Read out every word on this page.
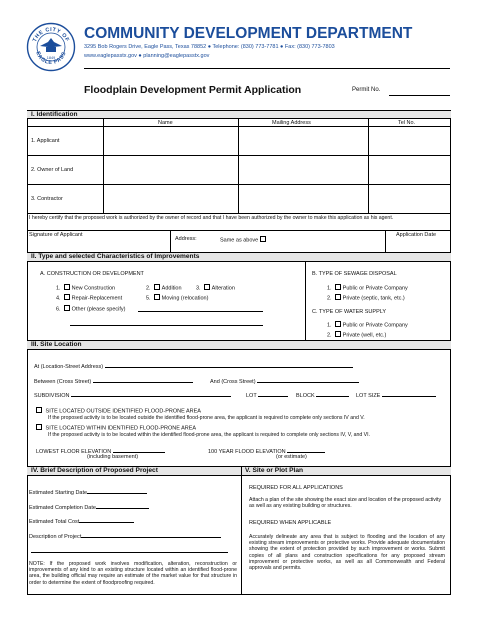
THE CITY OF
EAGLE PASS
1849
COMMUNITY DEVELOPMENT DEPARTMENT
3295 Bob Rogers Drive, Eagle Pass, Texas 78852 ● Telephone: (830) 773-7781 ● Fax: (830) 773-7803
www.eaglepasstx.gov ● planning@eaglepasstx.gov
Floodplain Development Permit Application	Permit No.
I. Identification
Name	Mailing Address	Tel No.
1. Applicant
2. Owner of Land
3. Contractor
I hereby certify that the proposed work is authorized by the owner of record and that I have been authorized by the owner to make this application as his agent.
Signature of Applicant
Address:	Same as above
Application Date
II. Type and selected Characteristics of Improvements
A. CONSTRUCTION OR DEVELOPMENT
1. New Construction	2. Addition	3. Alteration
4. Repair-Replacement	5. Moving (relocation)
6. Other (please specify)
B. TYPE OF SEWAGE DISPOSAL
1. Public or Private Company
2. Private (septic, tank, etc.)
C. TYPE OF WATER SUPPLY
1. Public or Private Company
2. Private (well, etc.)
III. Site Location
At (Location-Street Address)
Between (Cross Street)	And (Cross Street)
SUBDIVISION	LOT	BLOCK	LOT SIZE
SITE LOCATED OUTSIDE IDENTIFIED FLOOD-PRONE AREA
If the proposed activity is to be located outside the identified flood-prone area, the applicant is required to complete only sections IV and V.
SITE LOCATED WITHIN IDENTIFIED FLOOD-PRONE AREA
If the proposed activity is to be located within the identified flood-prone area, the applicant is required to complete only sections IV, V, and VI.
LOWEST FLOOR ELEVATION
(including basement)
100 YEAR FLOOD ELEVATION
(or estimate)
IV. Brief Description of Proposed Project	V. Site or Plot Plan
Estimated Starting Date
Estimated Completion Date
Estimated Total Cost
Description of Project
NOTE: If the proposed work involves modification, alteration, reconstruction or improvements of any kind to an existing structure located within an identified flood-prone area, the building official may require an estimate of the market value for that structure in order to determine the extent of floodproofing required.
REQUIRED FOR ALL APPLICATIONS
Attach a plan of the site showing the exact size and location of the proposed activity as well as any existing building or structures.
REQUIRED WHEN APPLICABLE
Accurately delineate any area that is subject to flooding and the location of any existing stream improvements or protective works. Provide adequate documentation showing the extent of protection provided by such improvement or works. Submit copies of all plans and construction specifications for any proposed stream improvement or protective works, as well as all Commonwealth and Federal approvals and permits.
